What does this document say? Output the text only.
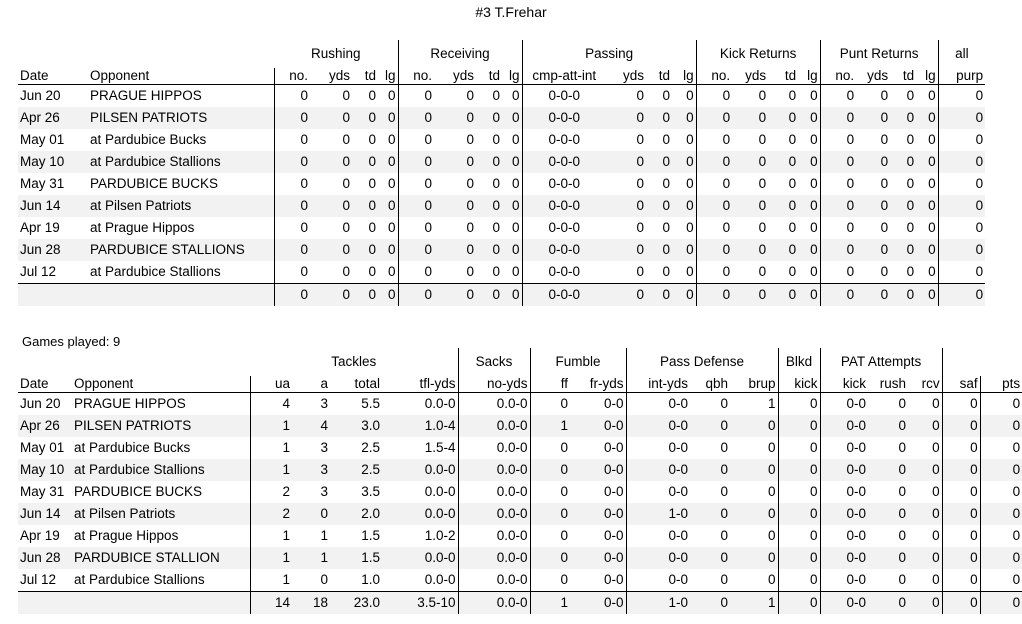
#3 T.Frehar
		Rushing				Receiving				Passing				Kick Returns				Punt Returns				all
Date	Opponent	no.	yds	td	lg	no.	yds	td	lg	cmp-att-int	yds	td	lg	no.	yds	td	lg	no.	yds	td	lg	purp
Jun 20	PRAGUE HIPPOS	0	0	0	0	0	0	0	0	0-0-0	0	0	0	0	0	0	0	0	0	0	0	0
Apr 26	PILSEN PATRIOTS	0	0	0	0	0	0	0	0	0-0-0	0	0	0	0	0	0	0	0	0	0	0	0
May 01	at Pardubice Bucks	0	0	0	0	0	0	0	0	0-0-0	0	0	0	0	0	0	0	0	0	0	0	0
May 10	at Pardubice Stallions	0	0	0	0	0	0	0	0	0-0-0	0	0	0	0	0	0	0	0	0	0	0	0
May 31	PARDUBICE BUCKS	0	0	0	0	0	0	0	0	0-0-0	0	0	0	0	0	0	0	0	0	0	0	0
Jun 14	at Pilsen Patriots	0	0	0	0	0	0	0	0	0-0-0	0	0	0	0	0	0	0	0	0	0	0	0
Apr 19	at Prague Hippos	0	0	0	0	0	0	0	0	0-0-0	0	0	0	0	0	0	0	0	0	0	0	0
Jun 28	PARDUBICE STALLIONS	0	0	0	0	0	0	0	0	0-0-0	0	0	0	0	0	0	0	0	0	0	0	0
Jul 12	at Pardubice Stallions	0	0	0	0	0	0	0	0	0-0-0	0	0	0	0	0	0	0	0	0	0	0	0
		0	0	0	0	0	0	0	0	0-0-0	0	0	0	0	0	0	0	0	0	0	0	0
Games played: 9
		Tackles				Sacks	Fumble		Pass Defense			Blkd	PAT Attempts				
Date	Opponent	ua	a	total	tfl-yds	no-yds	ff	fr-yds	int-yds	qbh	brup	kick	kick	rush	rcv	saf	pts
Jun 20	PRAGUE HIPPOS	4	3	5.5	0.0-0	0.0-0	0	0-0	0-0	0	1	0	0-0	0	0	0	0
Apr 26	PILSEN PATRIOTS	1	4	3.0	1.0-4	0.0-0	1	0-0	0-0	0	0	0	0-0	0	0	0	0
May 01	at Pardubice Bucks	1	3	2.5	1.5-4	0.0-0	0	0-0	0-0	0	0	0	0-0	0	0	0	0
May 10	at Pardubice Stallions	1	3	2.5	0.0-0	0.0-0	0	0-0	0-0	0	0	0	0-0	0	0	0	0
May 31	PARDUBICE BUCKS	2	3	3.5	0.0-0	0.0-0	0	0-0	0-0	0	0	0	0-0	0	0	0	0
Jun 14	at Pilsen Patriots	2	0	2.0	0.0-0	0.0-0	0	0-0	1-0	0	0	0	0-0	0	0	0	0
Apr 19	at Prague Hippos	1	1	1.5	1.0-2	0.0-0	0	0-0	0-0	0	0	0	0-0	0	0	0	0
Jun 28	PARDUBICE STALLION	1	1	1.5	0.0-0	0.0-0	0	0-0	0-0	0	0	0	0-0	0	0	0	0
Jul 12	at Pardubice Stallions	1	0	1.0	0.0-0	0.0-0	0	0-0	0-0	0	0	0	0-0	0	0	0	0
		14	18	23.0	3.5-10	0.0-0	1	0-0	1-0	0	1	0	0-0	0	0	0	0
